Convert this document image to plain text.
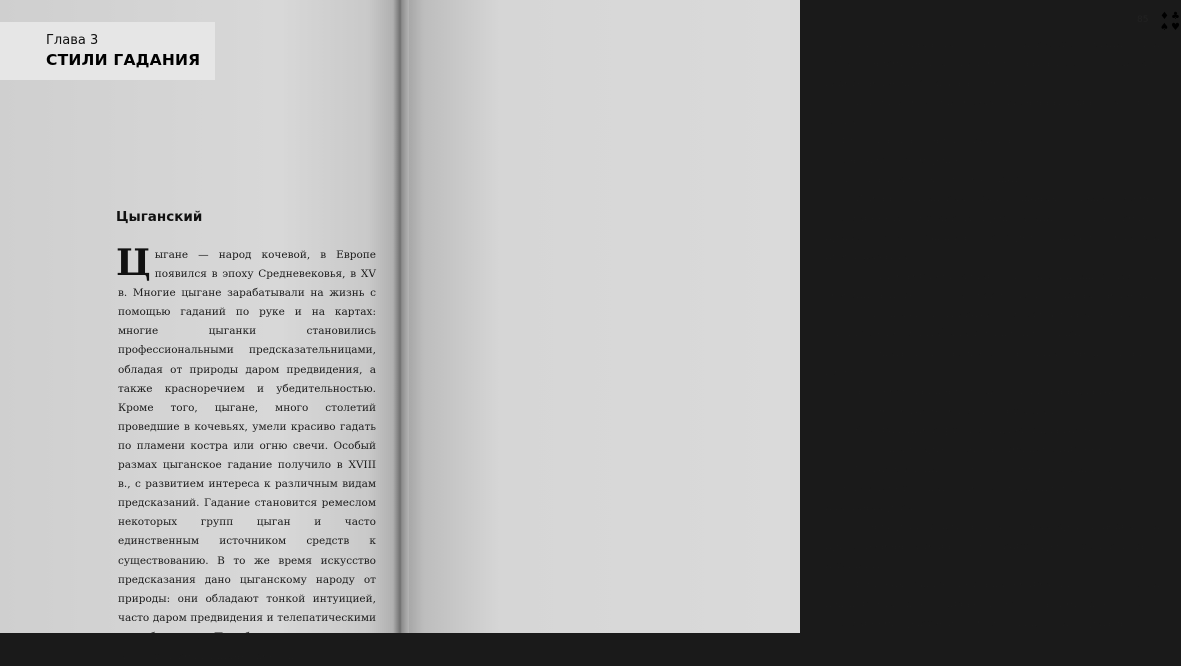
Глава 3
СТИЛИ ГАДАНИЯ
Цыганский
Цыгане — народ кочевой, в Европе появился в эпоху Средневековья, в XV в. Многие цыгане зарабатывали на жизнь с помощью гаданий по руке и на картах: многие цыганки становились профессиональными предсказательницами, обладая от природы даром предвидения, а также красноречием и убедительностью. Кроме того, цыгане, много столетий проведшие в кочевьях, умели красиво гадать по пламени костра или огню свечи. Особый размах цыганское гадание получило в XVIII в., с развитием интереса к различным видам предсказаний. Гадание становится ремеслом некоторых групп цыган и часто единственным источником средств к существованию. В то же время искусство предсказания дано цыганскому народу от природы: они обладают тонкой интуицией, часто даром предвидения и телепатическими способностями. По обычаям цыган, гадать могут только женщины; девочки
85 ♦ ♣
♠ ♥

с 10–12 лет начинали обучаться искусству гадания, при этом у некоторых из них сразу выявлялся особый дар видеть человека буквально насквозь.

Цыганки считали своим жизненным девизом такие слова:

Не обманешь — не проживешь,

Он дает — ты берешь.

Хочешь гадаться — будем гадать.

Именно цыганский стиль гадания заложил основы современным методикам предсказания. Вот несколько правил для гадания, которые цыгане считали необходимыми:

1) самое верное гадание — 13 числа каждого месяца, особенно в пятницу 13, а также в день рождения человека;

2) лучшими спутниками предсказателя являются кот (желательно черный) или трехцветная кошка;

3) гадать лучше всего в солнечный день до 11 часов вечера;

4) понедельник не самый лучший день для гадания;

5) частое гадание не откроет истины;

6) игральные карты не подходят для гадания;

7) лучшие карты — это настоящие старинные;

8) гадалка ни в коем случае не должна сообщать своему клиенту о дате смерти, если она ее узнала из карт или линий руки;

9) нехорошо гадать в присутствии других людей или при включенном телевизоре — карты требуют спокойствия и тишины;

Начиная гадать, цыганки непременно произносили над картами один из древних заговоров. Вот один из них в современной трактовке: «36 верных друзей и братьев!
